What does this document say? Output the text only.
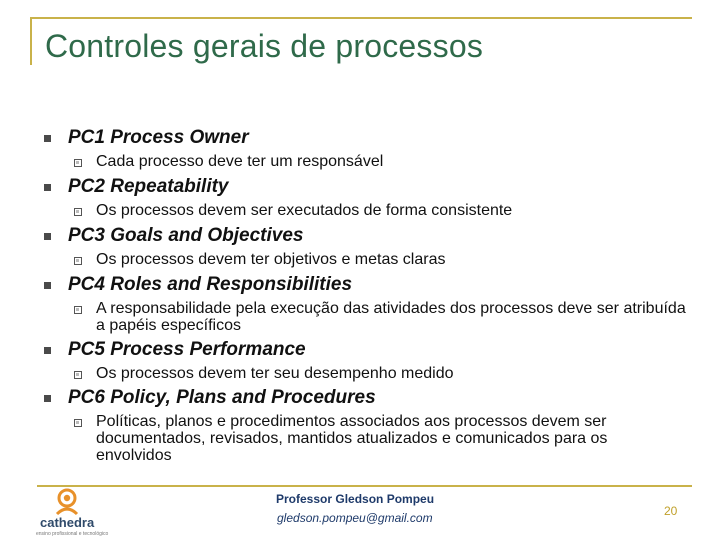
Controles gerais de processos
PC1 Process Owner
Cada processo deve ter um responsável
PC2 Repeatability
Os processos devem ser executados de forma consistente
PC3 Goals and Objectives
Os processos devem ter objetivos e metas claras
PC4 Roles and Responsibilities
A responsabilidade pela execução das atividades dos processos deve ser atribuída a papéis específicos
PC5 Process Performance
Os processos devem ter seu desempenho medido
PC6 Policy, Plans and Procedures
Políticas, planos e procedimentos associados aos processos devem ser documentados, revisados, mantidos atualizados e comunicados para os envolvidos
cathedra
ensino profissional e tecnológico
Professor Gledson Pompeu
gledson.pompeu@gmail.com	20
